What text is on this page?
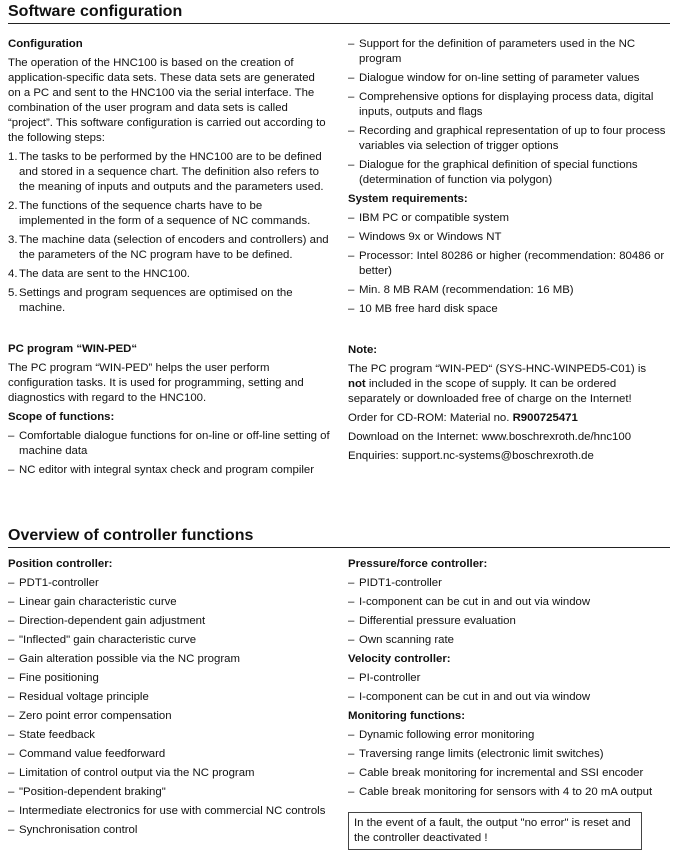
Software configuration
Configuration

The operation of the HNC100 is based on the creation of application-specific data sets. These data sets are generated on a PC and sent to the HNC100 via the serial interface. The combination of the user program and data sets is called “project”. This software configuration is carried out according to the following steps:

1. The tasks to be performed by the HNC100 are to be defined and stored in a sequence chart. The definition also refers to the meaning of inputs and outputs and the parameters used.
2. The functions of the sequence charts have to be implemented in the form of a sequence of NC commands.
3. The machine data (selection of encoders and controllers) and the parameters of the NC program have to be defined.
4. The data are sent to the HNC100.
5. Settings and program sequences are optimised on the machine.
PC program “WIN-PED“

The PC program “WIN-PED” helps the user perform configuration tasks. It is used for programming, setting and diagnostics with regard to the HNC100.

Scope of functions:
– Comfortable dialogue functions for on-line or off-line setting of machine data
– NC editor with integral syntax check and program compiler
– Support for the definition of parameters used in the NC program
– Dialogue window for on-line setting of parameter values
– Comprehensive options for displaying process data, digital inputs, outputs and flags
– Recording and graphical representation of up to four process variables via selection of trigger options
– Dialogue for the graphical definition of special functions (determination of function via polygon)
System requirements:
– IBM PC or compatible system
– Windows 9x or Windows NT
– Processor: Intel 80286 or higher (recommendation: 80486 or better)
– Min. 8 MB RAM (recommendation: 16 MB)
– 10 MB free hard disk space
Note:

The PC program “WIN-PED“ (SYS-HNC-WINPED5-C01) is
not included in the scope of supply. It can be ordered separately or downloaded free of charge on the Internet!

Order for CD-ROM: Material no. R900725471

Download on the Internet: www.boschrexroth.de/hnc100

Enquiries: support.nc-systems@boschrexroth.de

Overview of controller functions
Position controller:
– PDT1-controller
– Linear gain characteristic curve
– Direction-dependent gain adjustment
– "Inflected" gain characteristic curve
– Gain alteration possible via the NC program
– Fine positioning
– Residual voltage principle
– Zero point error compensation
– State feedback
– Command value feedforward
– Limitation of control output via the NC program
– "Position-dependent braking"
– Intermediate electronics for use with commercial NC controls
– Synchronisation control
Pressure/force controller:
– PIDT1-controller
– I-component can be cut in and out via window
– Differential pressure evaluation
– Own scanning rate
Velocity controller:
– PI-controller
– I-component can be cut in and out via window
Monitoring functions:
– Dynamic following error monitoring
– Traversing range limits (electronic limit switches)
– Cable break monitoring for incremental and SSI encoder
– Cable break monitoring for sensors with 4 to 20 mA output
In the event of a fault, the output "no error" is reset and the controller deactivated !
